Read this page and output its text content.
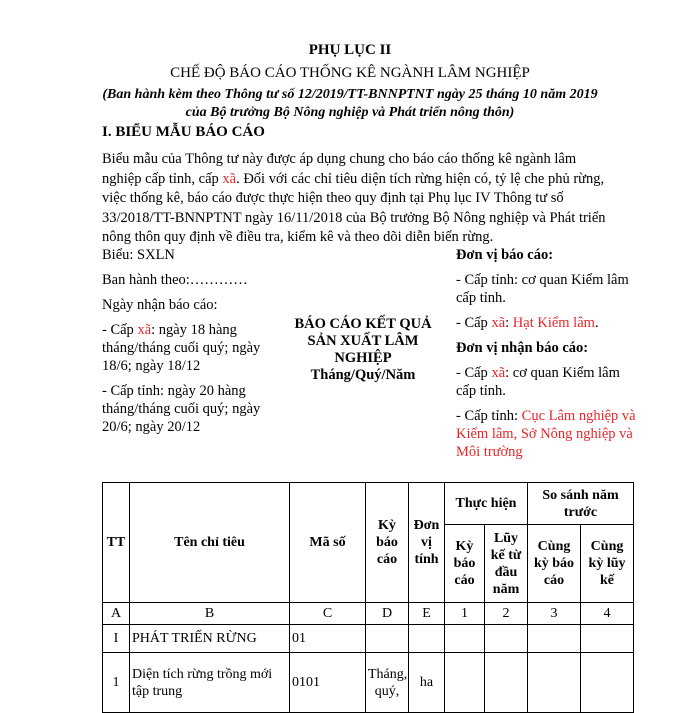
PHỤ LỤC II
CHẾ ĐỘ BÁO CÁO THỐNG KÊ NGÀNH LÂM NGHIỆP
(Ban hành kèm theo Thông tư số 12/2019/TT-BNNPTNT ngày 25 tháng 10 năm 2019
của Bộ trưởng Bộ Nông nghiệp và Phát triển nông thôn)
I. BIỂU MẪU BÁO CÁO
Biểu mẫu của Thông tư này được áp dụng chung cho báo cáo thống kê ngành lâm
nghiệp cấp tỉnh, cấp xã. Đối với các chỉ tiêu diện tích rừng hiện có, tỷ lệ che phủ rừng,
việc thống kê, báo cáo được thực hiện theo quy định tại Phụ lục IV Thông tư số
33/2018/TT-BNNPTNT ngày 16/11/2018 của Bộ trưởng Bộ Nông nghiệp và Phát triển
nông thôn quy định về điều tra, kiểm kê và theo dõi diễn biến rừng.

Biểu: SXLN

Ban hành theo:…………

Ngày nhận báo cáo:

- Cấp xã: ngày 18 hàng tháng/tháng cuối quý; ngày 18/6; ngày 18/12

- Cấp tỉnh: ngày 20 hàng tháng/tháng cuối quý; ngày 20/6; ngày 20/12

BÁO CÁO KẾT QUẢ
SẢN XUẤT LÂM
NGHIỆP
Tháng/Quý/Năm

Đơn vị báo cáo:

- Cấp tỉnh: cơ quan Kiểm lâm cấp tỉnh.

- Cấp xã: Hạt Kiểm lâm.

Đơn vị nhận báo cáo:

- Cấp xã: cơ quan Kiểm lâm cấp tỉnh.

- Cấp tỉnh: Cục Lâm nghiệp và Kiểm lâm, Sở Nông nghiệp và Môi trường

TT	Tên chỉ tiêu	Mã số	Kỳ báo cáo	Đơn vị tính	Thực hiện		So sánh năm trước	
					Kỳ báo cáo	Lũy kế từ đầu năm	Cùng kỳ báo cáo	Cùng kỳ lũy kế
A	B	C	D	E	1	2	3	4
I	PHÁT TRIỂN RỪNG	01						
1	Diện tích rừng trồng mới tập trung	0101	Tháng, quý,	ha				
